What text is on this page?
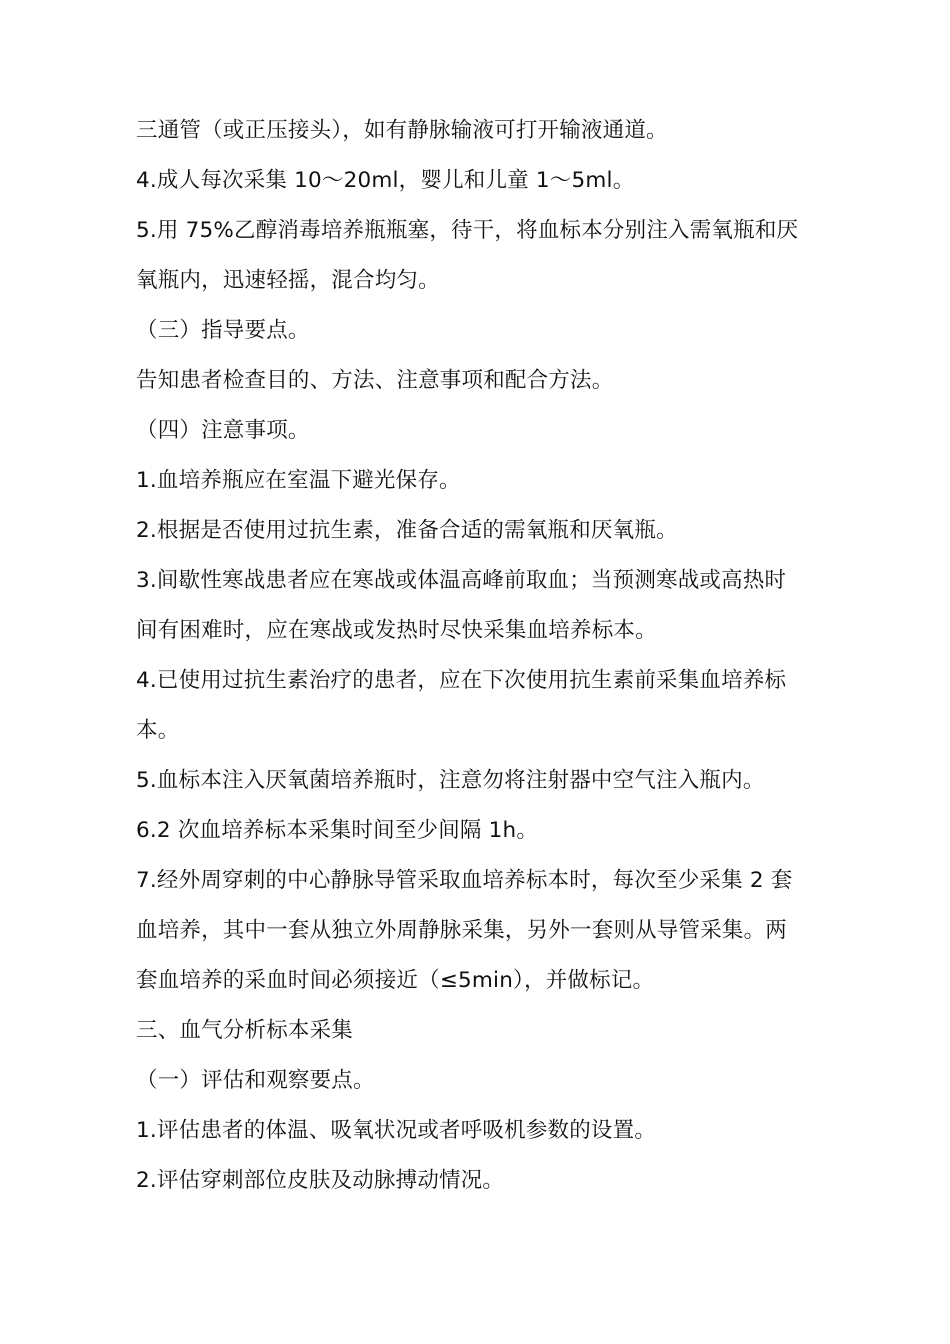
三通管（或正压接头），如有静脉输液可打开输液通道。
4.成人每次采集 10～20ml，婴儿和儿童 1～5ml。
5.用 75%乙醇消毒培养瓶瓶塞，待干，将血标本分别注入需氧瓶和厌
氧瓶内，迅速轻摇，混合均匀。
（三）指导要点。
告知患者检查目的、方法、注意事项和配合方法。
（四）注意事项。
1.血培养瓶应在室温下避光保存。
2.根据是否使用过抗生素，准备合适的需氧瓶和厌氧瓶。
3.间歇性寒战患者应在寒战或体温高峰前取血；当预测寒战或高热时
间有困难时，应在寒战或发热时尽快采集血培养标本。
4.已使用过抗生素治疗的患者，应在下次使用抗生素前采集血培养标
本。
5.血标本注入厌氧菌培养瓶时，注意勿将注射器中空气注入瓶内。
6.2 次血培养标本采集时间至少间隔 1h。
7.经外周穿刺的中心静脉导管采取血培养标本时，每次至少采集 2 套
血培养，其中一套从独立外周静脉采集，另外一套则从导管采集。两
套血培养的采血时间必须接近（≤5min），并做标记。
三、血气分析标本采集
（一）评估和观察要点。
1.评估患者的体温、吸氧状况或者呼吸机参数的设置。
2.评估穿刺部位皮肤及动脉搏动情况。
